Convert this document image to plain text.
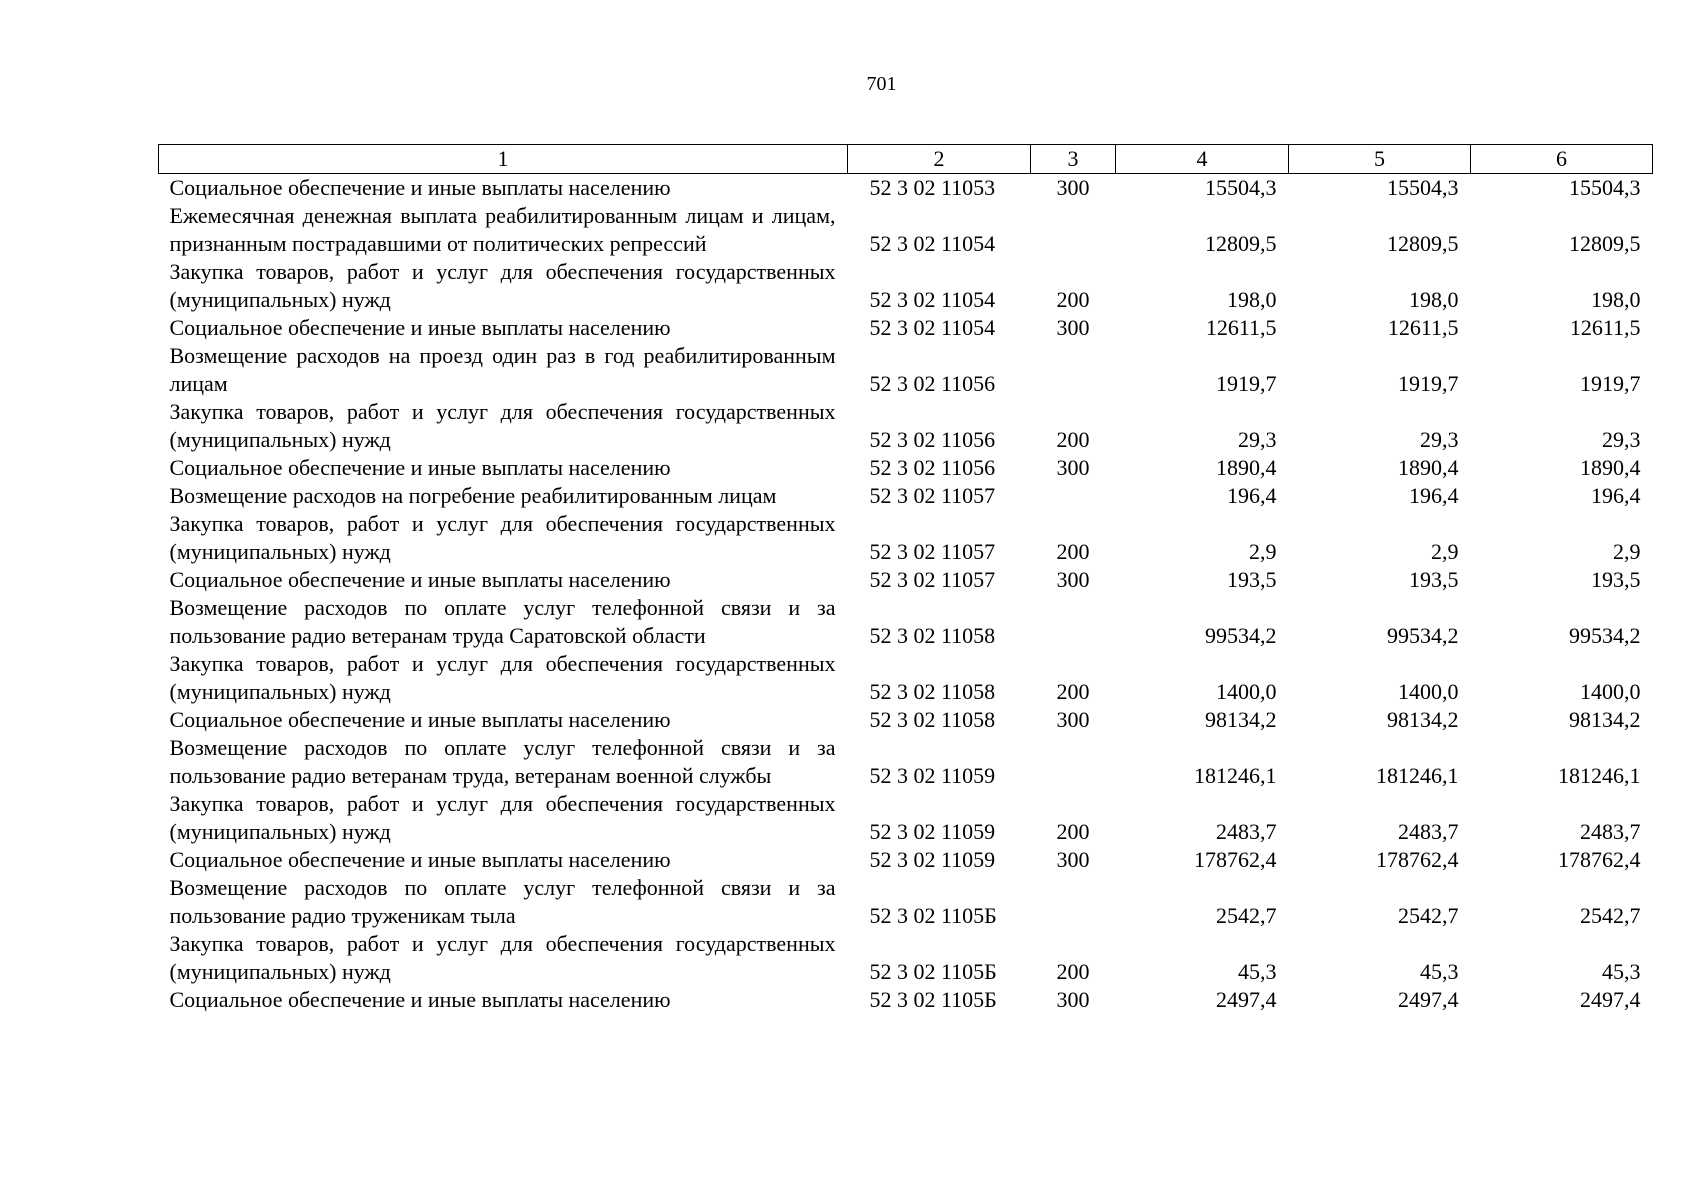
701
1	2	3	4	5	6
Социальное обеспечение и иные выплаты населению	52 3 02 11053	300	15504,3	15504,3	15504,3
Ежемесячная денежная выплата реабилитированным лицам и лицам, признанным пострадавшими от политических репрессий	52 3 02 11054		12809,5	12809,5	12809,5
Закупка товаров, работ и услуг для обеспечения государственных (муниципальных) нужд	52 3 02 11054	200	198,0	198,0	198,0
Социальное обеспечение и иные выплаты населению	52 3 02 11054	300	12611,5	12611,5	12611,5
Возмещение расходов на проезд один раз в год реабилитированным лицам	52 3 02 11056		1919,7	1919,7	1919,7
Закупка товаров, работ и услуг для обеспечения государственных (муниципальных) нужд	52 3 02 11056	200	29,3	29,3	29,3
Социальное обеспечение и иные выплаты населению	52 3 02 11056	300	1890,4	1890,4	1890,4
Возмещение расходов на погребение реабилитированным лицам	52 3 02 11057		196,4	196,4	196,4
Закупка товаров, работ и услуг для обеспечения государственных (муниципальных) нужд	52 3 02 11057	200	2,9	2,9	2,9
Социальное обеспечение и иные выплаты населению	52 3 02 11057	300	193,5	193,5	193,5
Возмещение расходов по оплате услуг телефонной связи и за пользование радио ветеранам труда Саратовской области	52 3 02 11058		99534,2	99534,2	99534,2
Закупка товаров, работ и услуг для обеспечения государственных (муниципальных) нужд	52 3 02 11058	200	1400,0	1400,0	1400,0
Социальное обеспечение и иные выплаты населению	52 3 02 11058	300	98134,2	98134,2	98134,2
Возмещение расходов по оплате услуг телефонной связи и за пользование радио ветеранам труда, ветеранам военной службы	52 3 02 11059		181246,1	181246,1	181246,1
Закупка товаров, работ и услуг для обеспечения государственных (муниципальных) нужд	52 3 02 11059	200	2483,7	2483,7	2483,7
Социальное обеспечение и иные выплаты населению	52 3 02 11059	300	178762,4	178762,4	178762,4
Возмещение расходов по оплате услуг телефонной связи и за пользование радио труженикам тыла	52 3 02 1105Б		2542,7	2542,7	2542,7
Закупка товаров, работ и услуг для обеспечения государственных (муниципальных) нужд	52 3 02 1105Б	200	45,3	45,3	45,3
Социальное обеспечение и иные выплаты населению	52 3 02 1105Б	300	2497,4	2497,4	2497,4
